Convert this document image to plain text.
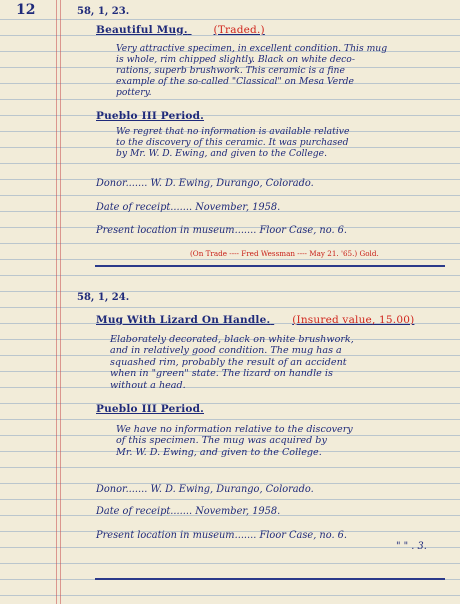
12	58, 1, 23.
Beautiful Mug. (Traded.)
Very attractive specimen, in excellent condition. This mug
is whole, rim chipped slightly. Black on white deco-
rations, superb brushwork. This ceramic is a fine
example of the so-called "Classical" on Mesa Verde
pottery.
Pueblo III Period.
We regret that no information is available relative
to the discovery of this ceramic. It was purchased
by Mr. W. D. Ewing, and given to the College.
Donor....... W. D. Ewing, Durango, Colorado.
Date of receipt....... November, 1958.
Present location in museum....... Floor Case, no. 6.
(On Trade ---- Fred Wessman ---- May 21. '65.) Gold.
58, 1, 24.
Mug With Lizard On Handle. (Insured value, 15.00)
Elaborately decorated, black on white brushwork,
and in relatively good condition. The mug has a
squashed rim, probably the result of an accident
when in "green" state. The lizard on handle is
without a head.
Pueblo III Period.
We have no information relative to the discovery
of this specimen. The mug was acquired by
Mr. W. D. Ewing, and given to the College.
Donor....... W. D. Ewing, Durango, Colorado.
Date of receipt....... November, 1958.
Present location in museum....... Floor Case, no. 6.
" " . 3.
